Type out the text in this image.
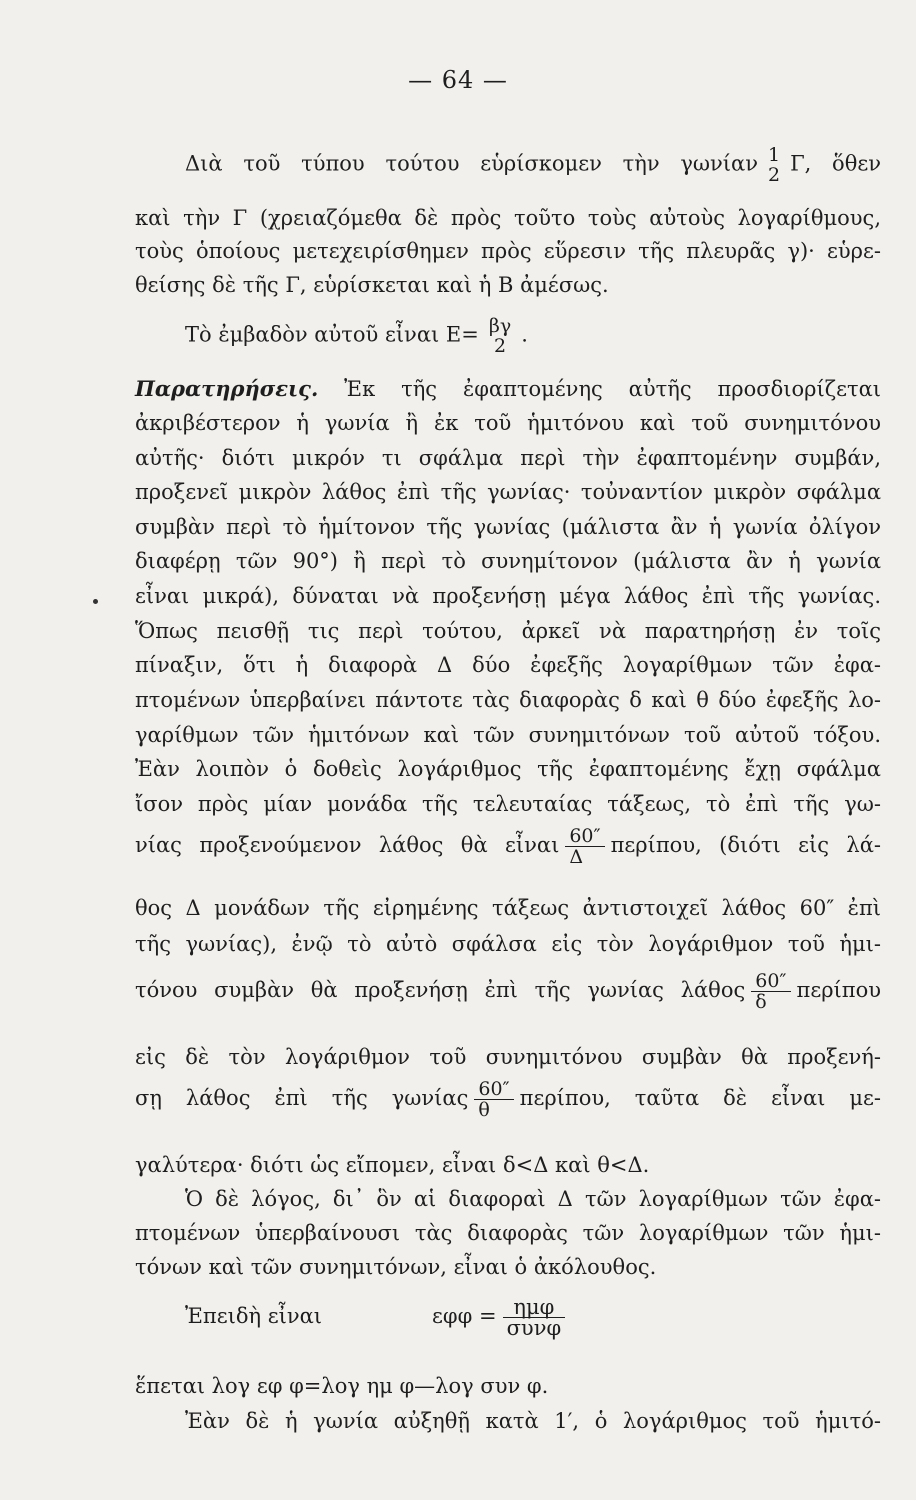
— 64 —
Διὰ τοῦ τύπου τούτου εὑρίσκομεν τὴν γωνίαν 1
2 Γ, ὅθεν
καὶ τὴν Γ (χρειαζόμεθα δὲ πρὸς τοῦτο τοὺς αὐτοὺς λογαρίθμους,
τοὺς ὁποίους μετεχειρίσθημεν πρὸς εὕρεσιν τῆς πλευρᾶς γ)· εὑρε-
θείσης δὲ τῆς Γ, εὑρίσκεται καὶ ἡ Β ἀμέσως.
Τὸ ἐμβαδὸν αὐτοῦ εἶναι Ε= βγ
2 .
Παρατηρήσεις. Ἐκ τῆς ἐφαπτομένης αὐτῆς προσδιορίζεται
ἀκριβέστερον ἡ γωνία ἢ ἐκ τοῦ ἡμιτόνου καὶ τοῦ συνημιτόνου
αὐτῆς· διότι μικρόν τι σφάλμα περὶ τὴν ἐφαπτομένην συμβάν,
προξενεῖ μικρὸν λάθος ἐπὶ τῆς γωνίας· τοὐναντίον μικρὸν σφάλμα
συμβὰν περὶ τὸ ἡμίτονον τῆς γωνίας (μάλιστα ἂν ἡ γωνία ὀλίγον
διαφέρῃ τῶν 90°) ἢ περὶ τὸ συνημίτονον (μάλιστα ἂν ἡ γωνία
εἶναι μικρά), δύναται νὰ προξενήσῃ μέγα λάθος ἐπὶ τῆς γωνίας.
Ὅπως πεισθῇ τις περὶ τούτου, ἀρκεῖ νὰ παρατηρήσῃ ἐν τοῖς
πίναξιν, ὅτι ἡ διαφορὰ Δ δύο ἐφεξῆς λογαρίθμων τῶν ἐφα-
πτομένων ὑπερβαίνει πάντοτε τὰς διαφορὰς δ καὶ θ δύο ἐφεξῆς λο-
γαρίθμων τῶν ἡμιτόνων καὶ τῶν συνημιτόνων τοῦ αὐτοῦ τόξου.
Ἐὰν λοιπὸν ὁ δοθεὶς λογάριθμος τῆς ἐφαπτομένης ἔχῃ σφάλμα
ἴσον πρὸς μίαν μονάδα τῆς τελευταίας τάξεως, τὸ ἐπὶ τῆς γω-
νίας προξενούμενον λάθος θὰ εἶναι $\frac{60''}{\Delta} \pi\varepsilon\rho ί\pi o\upsilon$, (διότι εἰς λά-
θος Δ μονάδων τῆς εἰρημένης τάξεως ἀντιστοιχεῖ λάθος 60″ ἐπὶ
τῆς γωνίας), ἐνῷ τὸ αὐτὸ σφάλσα εἰς τὸν λογάριθμον τοῦ ἡμι-
τόνου συμβὰν θὰ προξενήσῃ ἐπὶ τῆς γωνίας λάθος $\frac{60''}{\delta}$ περίπου
εἰς δὲ τὸν λογάριθμον τοῦ συνημιτόνου συμβὰν θὰ προξενή-
σῃ λάθος ἐπὶ τῆς γωνίας $\frac{60''}{\theta} \pi\varepsilon\rho ί\pi o\upsilon$, ταῦτα δὲ εἶναι με-
γαλύτερα· διότι ὡς εἴπομεν, εἶναι δ<Δ καὶ θ<Δ.
Ὁ δὲ λόγος, δι᾽ ὃν αἱ διαφοραὶ Δ τῶν λογαρίθμων τῶν ἐφα-
πτομένων ὑπερβαίνουσι τὰς διαφορὰς τῶν λογαρίθμων τῶν ἡμι-
τόνων καὶ τῶν συνημιτόνων, εἶναι ὁ ἀκόλουθος.
Ἐπειδὴ εἶναι	$\varepsilon\varphi\varphi = \frac{\text{ημφ}}{\text{συνφ}}$
ἕπεται λογ εφ φ=λογ ημ φ—λογ συν φ.
Ἐὰν δὲ ἡ γωνία αὐξηθῇ κατὰ 1′, ὁ λογάριθμος τοῦ ἡμιτό-
